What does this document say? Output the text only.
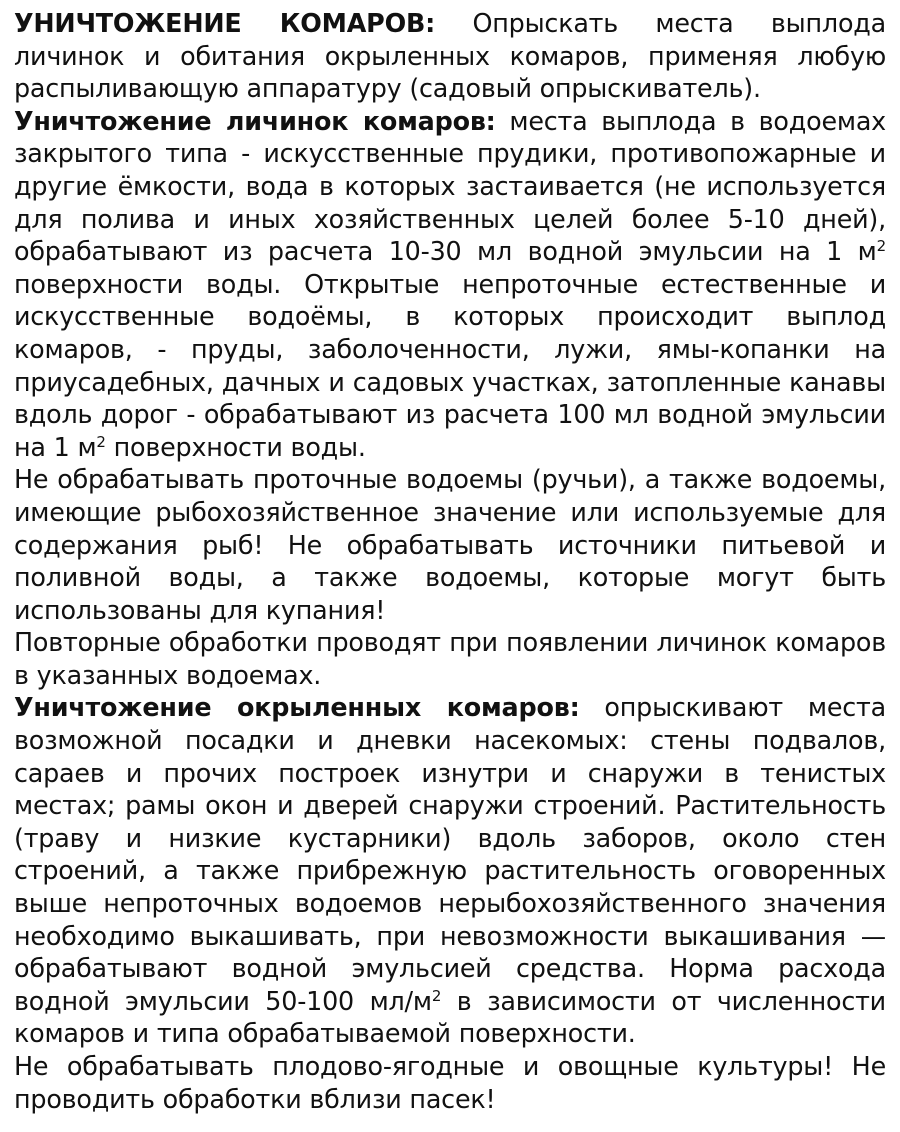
УНИЧТОЖЕНИЕ КОМАРОВ: Опрыскать места выплода личинок и обитания окрыленных комаров, применяя любую распыливающую аппаратуру (садовый опрыскиватель).

Уничтожение личинок комаров: места выплода в водоемах закрытого типа - искусственные прудики, противопожарные и другие ёмкости, вода в которых застаивается (не используется для полива и иных хозяйственных целей более 5-10 дней), обрабатывают из расчета 10-30 мл водной эмульсии на 1 $м^2$ поверхности воды. Открытые непроточные естественные и искусственные водоёмы, в которых происходит выплод комаров, - пруды, заболоченности, лужи, ямы-копанки на приусадебных, дачных и садовых участках, затопленные канавы вдоль дорог - обрабатывают из расчета 100 мл водной эмульсии на 1 $м^2$ поверхности воды.

Не обрабатывать проточные водоемы (ручьи), а также водоемы, имеющие рыбохозяйственное значение или используемые для содержания рыб! Не обрабатывать источники питьевой и поливной воды, а также водоемы, которые могут быть использованы для купания!

Повторные обработки проводят при появлении личинок комаров в указанных водоемах.

Уничтожение окрыленных комаров: опрыскивают места возможной посадки и дневки насекомых: стены подвалов, сараев и прочих построек изнутри и снаружи в тенистых местах; рамы окон и дверей снаружи строений. Растительность (траву и низкие кустарники) вдоль заборов, около стен строений, а также прибрежную растительность оговоренных выше непроточных водоемов нерыбохозяйственного значения необходимо выкашивать, при невозможности выкашивания — обрабатывают водной эмульсией средства. Норма расхода водной эмульсии 50-100 $мл/м^2$ в зависимости от численности комаров и типа обрабатываемой поверхности.

Не обрабатывать плодово-ягодные и овощные культуры! Не проводить обработки вблизи пасек!
